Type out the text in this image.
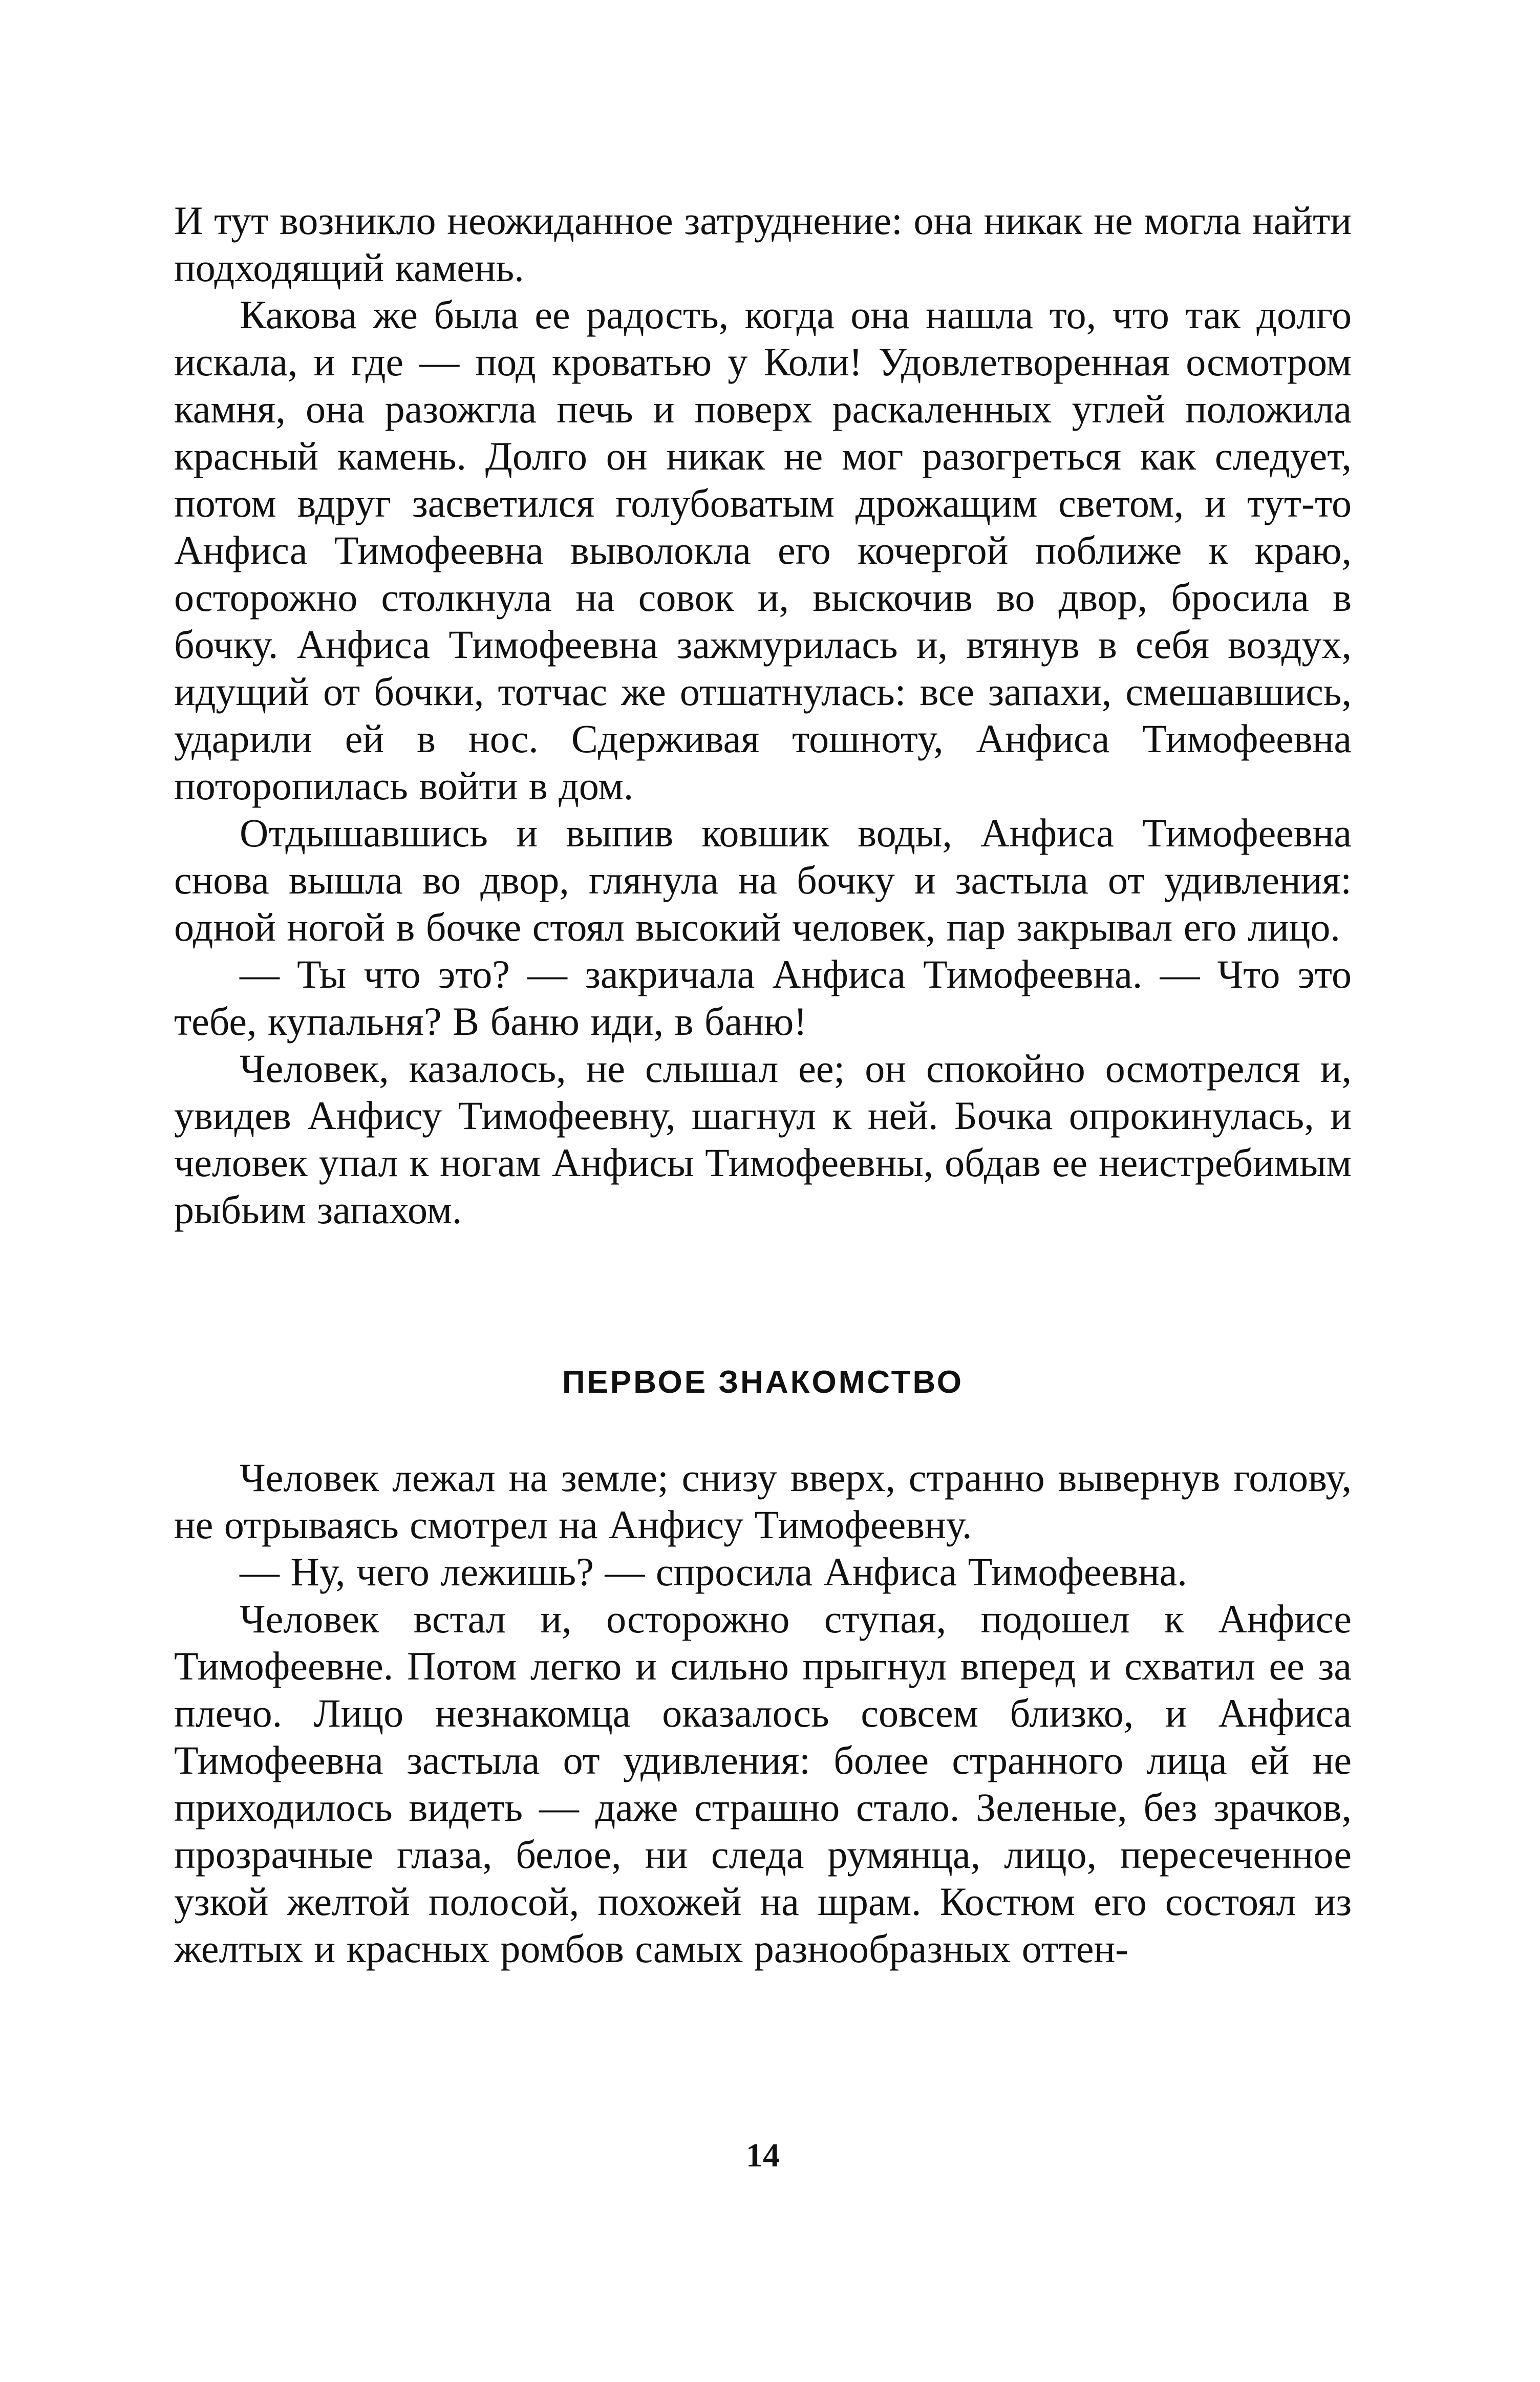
И тут возникло неожиданное затруднение: она никак не могла найти подходящий камень.

Какова же была ее радость, когда она нашла то, что так долго искала, и где — под кроватью у Коли! Удовлетворенная осмотром камня, она разожгла печь и поверх раскаленных углей положила красный камень. Долго он никак не мог разогреться как следует, потом вдруг засветился голубоватым дрожащим светом, и тут-то Анфиса Тимофеевна выволокла его кочергой поближе к краю, осторожно столкнула на совок и, выскочив во двор, бросила в бочку. Анфиса Тимофеевна зажмурилась и, втянув в себя воздух, идущий от бочки, тотчас же отшатнулась: все запахи, смешавшись, ударили ей в нос. Сдерживая тошноту, Анфиса Тимофеевна поторопилась войти в дом.

Отдышавшись и выпив ковшик воды, Анфиса Тимофеевна снова вышла во двор, глянула на бочку и застыла от удивления: одной ногой в бочке стоял высокий человек, пар закрывал его лицо.

— Ты что это? — закричала Анфиса Тимофеевна. — Что это тебе, купальня? В баню иди, в баню!

Человек, казалось, не слышал ее; он спокойно осмотрелся и, увидев Анфису Тимофеевну, шагнул к ней. Бочка опрокинулась, и человек упал к ногам Анфисы Тимофеевны, обдав ее неистребимым рыбьим запахом.

ПЕРВОЕ ЗНАКОМСТВО

Человек лежал на земле; снизу вверх, странно вывернув голову, не отрываясь смотрел на Анфису Тимофеевну.

— Ну, чего лежишь? — спросила Анфиса Тимофеевна.

Человек встал и, осторожно ступая, подошел к Анфисе Тимофеевне. Потом легко и сильно прыгнул вперед и схватил ее за плечо. Лицо незнакомца оказалось совсем близко, и Анфиса Тимофеевна застыла от удивления: более странного лица ей не приходилось видеть — даже страшно стало. Зеленые, без зрачков, прозрачные глаза, белое, ни следа румянца, лицо, пересеченное узкой желтой полосой, похожей на шрам. Костюм его состоял из желтых и красных ромбов самых разнообразных оттен-

14
